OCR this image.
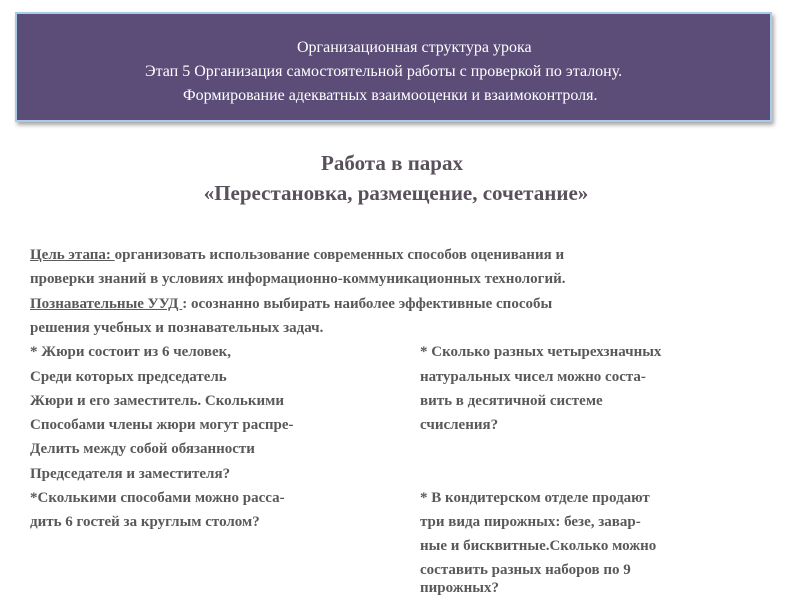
Организационная структура урока
Этап 5 Организация самостоятельной работы с проверкой по эталону.
Формирование адекватных взаимооценки и взаимоконтроля.
Работа в парах
«Перестановка, размещение, сочетание»
Цель этапа: организовать использование современных способов оценивания и
проверки знаний в условиях информационно-коммуникационных технологий.
Познавательные УУД : осознанно выбирать наиболее эффективные способы
решения учебных и познавательных задач.
* Жюри состоит из 6 человек,
Среди которых председатель
Жюри и его заместитель. Сколькими
Способами члены жюри могут распре-
Делить между собой обязанности
Председателя и заместителя?
*Сколькими способами можно расса-
дить 6 гостей за круглым столом?
* Сколько разных четырехзначных
натуральных чисел можно соста-
вить в десятичной системе
счисления?
* В кондитерском отделе продают
три вида пирожных: безе, завар-
ные и бисквитные.Сколько можно
составить разных наборов по 9
пирожных?
